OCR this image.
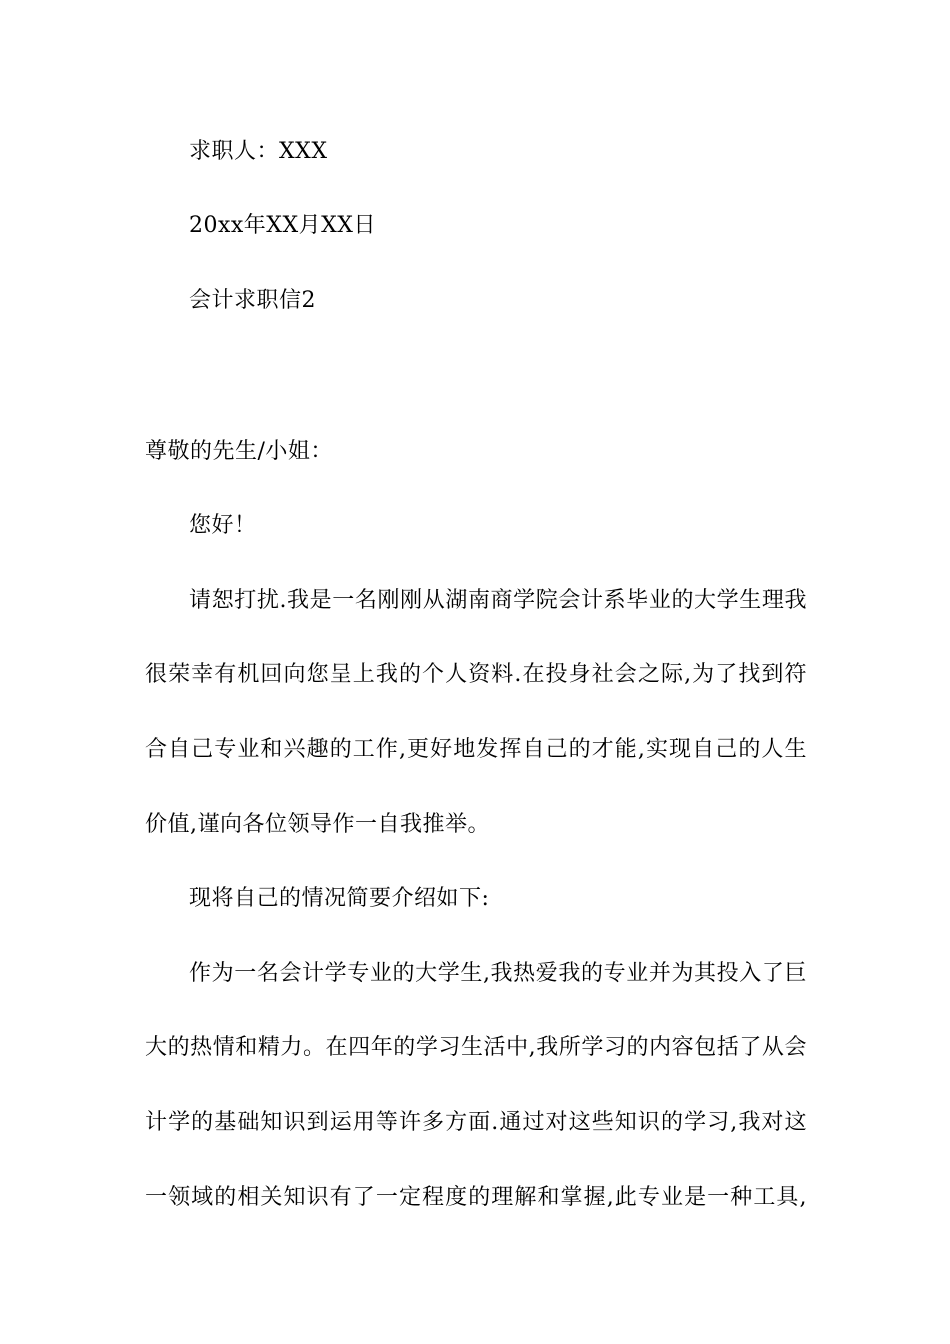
求职人：XXX
20xx年XX月XX日
会计求职信2
尊敬的先生/小姐：
您好！
请恕打扰.我是一名刚刚从湖南商学院会计系毕业的大学生理我
很荣幸有机回向您呈上我的个人资料.在投身社会之际,为了找到符
合自己专业和兴趣的工作,更好地发挥自己的才能,实现自己的人生
价值,谨向各位领导作一自我推举。
现将自己的情况简要介绍如下:
作为一名会计学专业的大学生,我热爱我的专业并为其投入了巨
大的热情和精力。在四年的学习生活中,我所学习的内容包括了从会
计学的基础知识到运用等许多方面.通过对这些知识的学习,我对这
一领域的相关知识有了一定程度的理解和掌握,此专业是一种工具,
